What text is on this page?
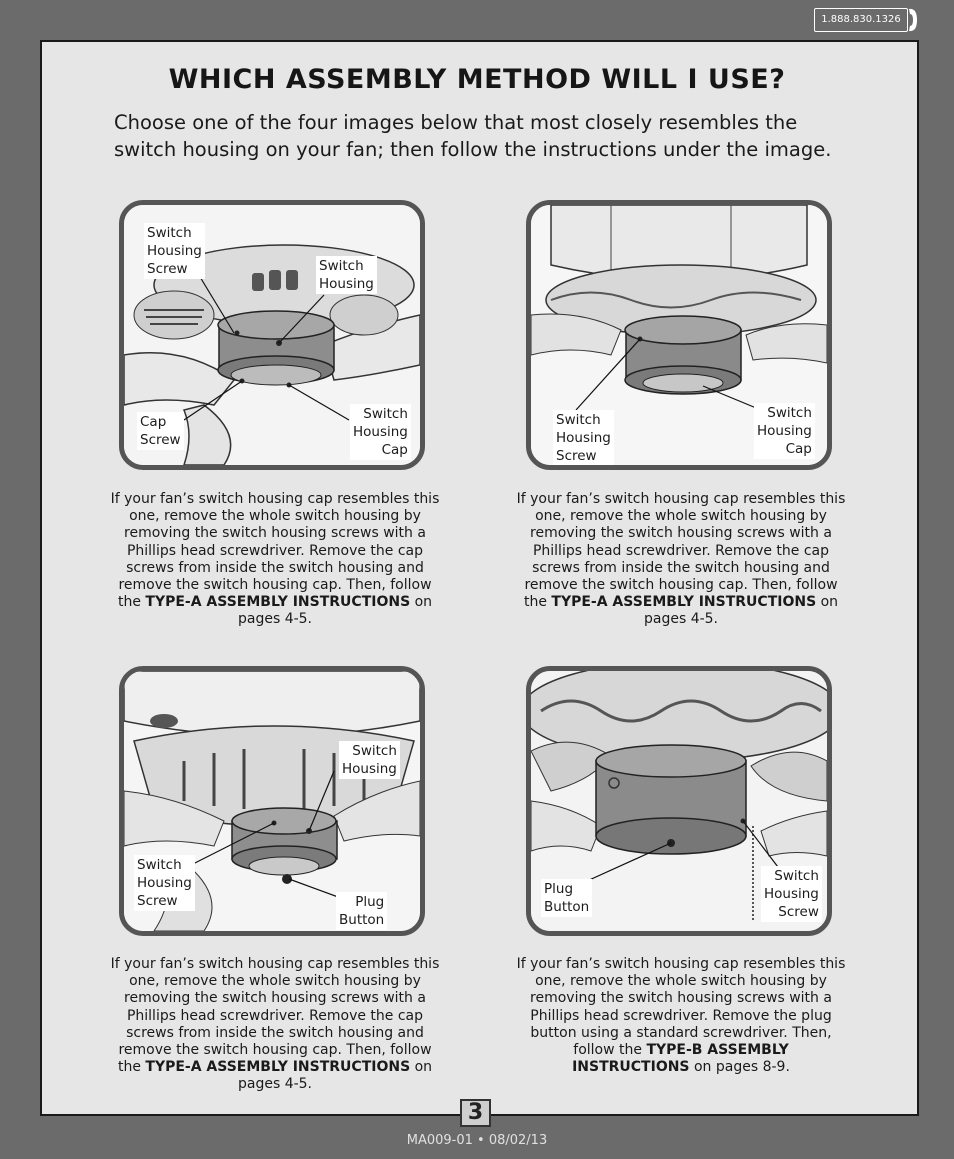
1.888.830.1326
WHICH ASSEMBLY METHOD WILL I USE?

Choose one of the four images below that most closely resembles the switch housing on your fan; then follow the instructions under the image.

Switch
Housing
Screw	Switch
Housing
Cap
Screw
Switch
Housing
Cap
If your fan’s switch housing cap resembles this one, remove the whole switch housing by removing the switch housing screws with a Phillips head screwdriver. Remove the cap screws from inside the switch housing and remove the switch housing cap. Then, follow the TYPE-A ASSEMBLY INSTRUCTIONS on pages 4-5.
Switch
Housing
Screw
Switch
Housing
Cap
If your fan’s switch housing cap resembles this one, remove the whole switch housing by removing the switch housing screws with a Phillips head screwdriver. Remove the cap screws from inside the switch housing and remove the switch housing cap. Then, follow the TYPE-A ASSEMBLY INSTRUCTIONS on pages 4-5.
Switch
Housing
Switch
Housing
Screw	Plug
Button
If your fan’s switch housing cap resembles this one, remove the whole switch housing by removing the switch housing screws with a Phillips head screwdriver. Remove the cap screws from inside the switch housing and remove the switch housing cap. Then, follow the TYPE-A ASSEMBLY INSTRUCTIONS on pages 4-5.
Plug
Button
Switch
Housing
Screw
If your fan’s switch housing cap resembles this one, remove the whole switch housing by removing the switch housing screws with a Phillips head screwdriver. Remove the plug button using a standard screwdriver. Then, follow the TYPE-B ASSEMBLY INSTRUCTIONS on pages 8-9.
3
MA009-01 • 08/02/13
